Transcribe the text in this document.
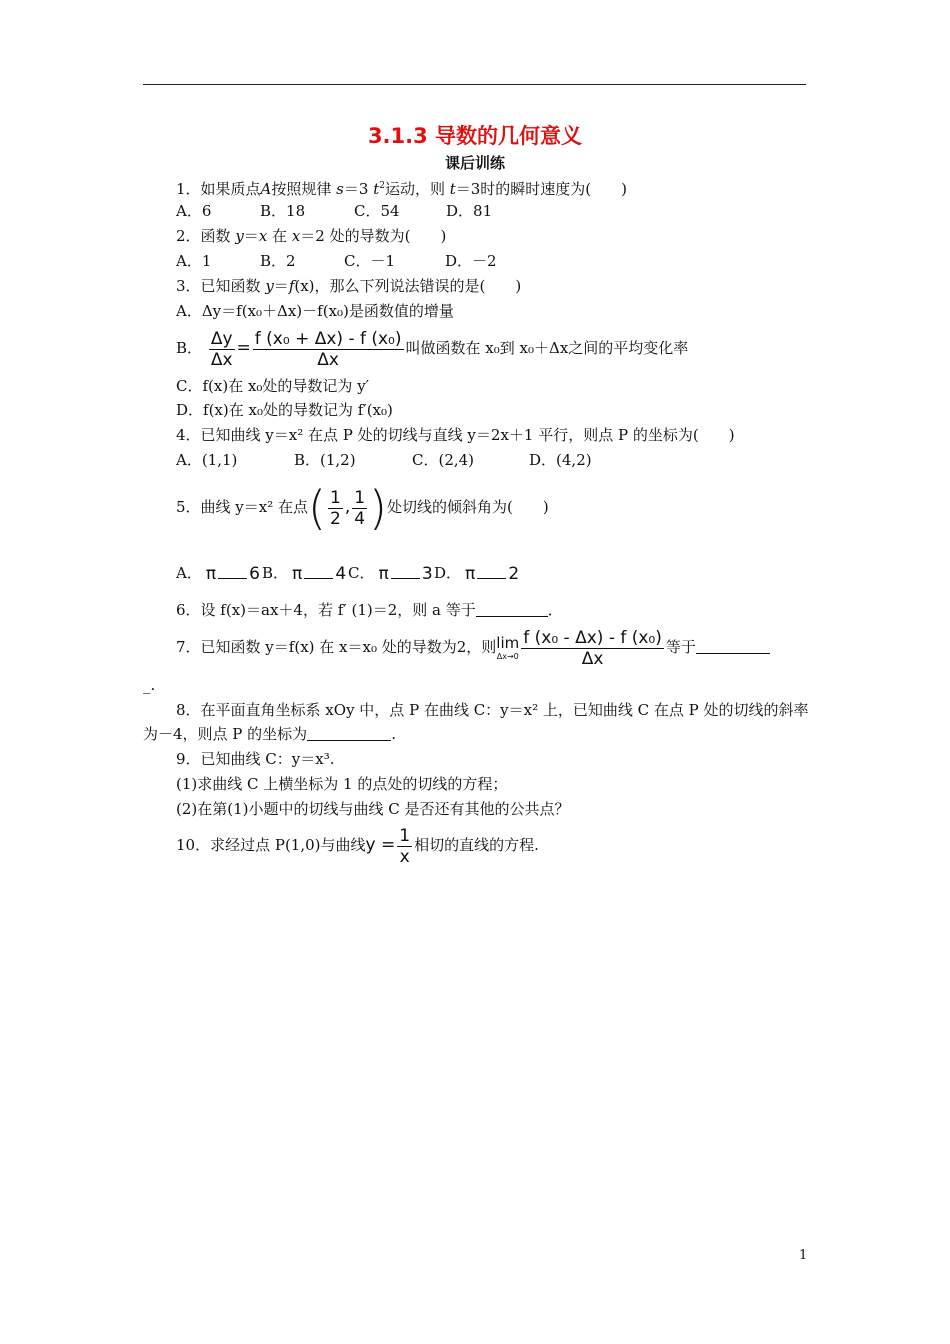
3.1.3 导数的几何意义
课后训练
1．如果质点A按照规律 s＝3 $t^2$运动，则 t＝3时的瞬时速度为(　　)
A．6	B．18	C．54	D．81
2．函数 y＝x 在 x＝2 处的导数为(　　)
A．1	B．2	C．－1	D．－2
3．已知函数 y＝f(x)，那么下列说法错误的是(　　)
A．Δy＝f(x₀＋Δx)－f(x₀)是函数值的增量
B． $\frac{\Delta y}{\Delta x} = \frac{\text{f (x₀ + Δx) - f (x₀)}}{\Delta x}$ 叫做函数在 x₀到 x₀＋Δx之间的平均变化率
C．f(x)在 x₀处的导数记为 y′
D．f(x)在 x₀处的导数记为 f′(x₀)
4．已知曲线 y＝x² 在点 P 处的切线与直线 y＝2x＋1 平行，则点 P 的坐标为(　　)
A．(1,1)	B．(1,2)	C．(2,4)	D．(4,2)
5．曲线 y＝x² 在点( $\frac{1}{2}$ , $\frac{1}{4}$ )处切线的倾斜角为(　　)
A． π 6 B． π 4 C． π 3D． π 2
6．设 f(x)＝ax＋4，若 f′ (1)＝2，则 a 等于	．
7．已知函数 y＝f(x) 在 x＝x₀ 处的导数为2，则 lim
$\Delta x\to 0 \frac{\text{f (x₀ - Δx) - f (x₀)}}{\Delta x}$ 等于
_.
8．在平面直角坐标系 xOy 中，点 P 在曲线 C：y＝x² 上，已知曲线 C 在点 P 处的切线的斜率
为－4，则点 P 的坐标为	.
9．已知曲线 C：y＝x³.
(1)求曲线 C 上横坐标为 1 的点处的切线的方程；
(2)在第(1)小题中的切线与曲线 C 是否还有其他的公共点？
10．求经过点 P(1,0)与曲线$y = \frac{1}{x}$ 相切的直线的方程.
1
